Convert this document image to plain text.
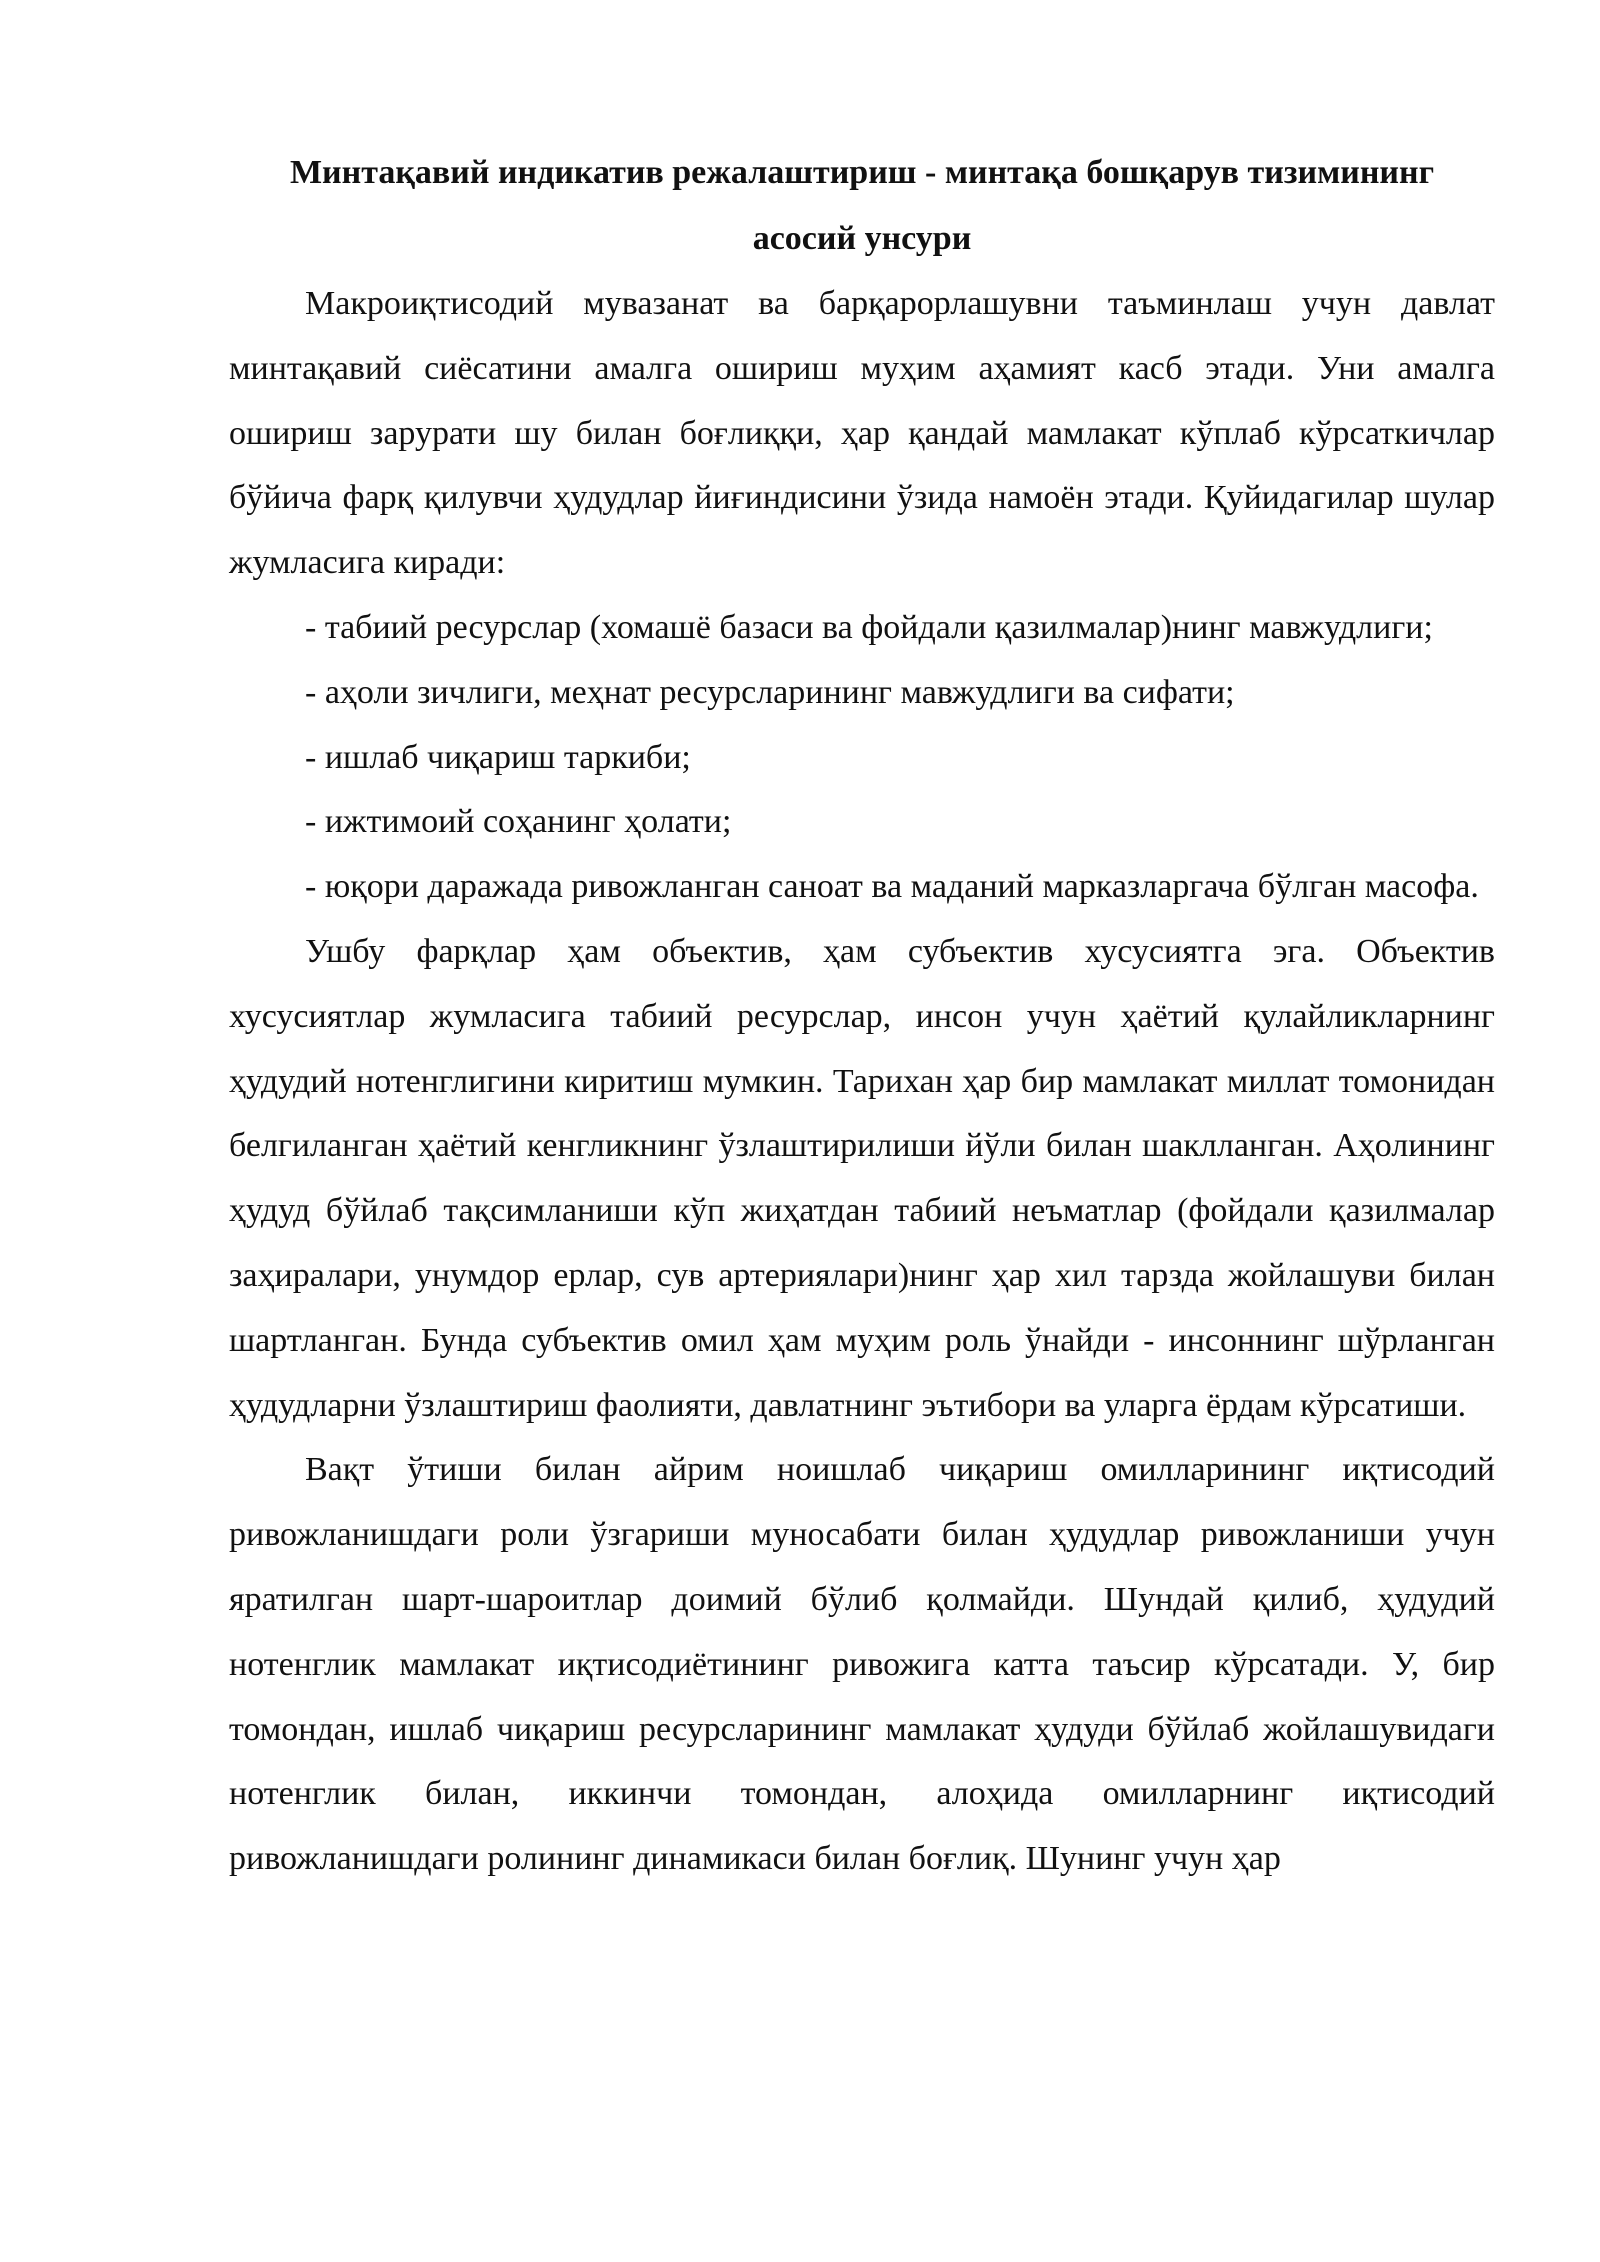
Минтақавий индикатив режалаштириш - минтақа бошқарув тизимининг

асосий унсури

Макроиқтисодий мувазанат ва барқарорлашувни таъминлаш учун давлат минтақавий сиёсатини амалга ошириш муҳим аҳамият касб этади. Уни амалга ошириш зарурати шу билан боғлиққи, ҳар қандай мамлакат кўплаб кўрсаткичлар бўйича фарқ қилувчи ҳудудлар йиғиндисини ўзида намоён этади. Қуйидагилар шулар жумласига киради:

- табиий ресурслар (хомашё базаси ва фойдали қазилмалар)нинг мавжудлиги;
- аҳоли зичлиги, меҳнат ресурсларининг мавжудлиги ва сифати;
- ишлаб чиқариш таркиби;
- ижтимоий соҳанинг ҳолати;
- юқори даражада ривожланган саноат ва маданий марказларгача бўлган масофа.

Ушбу фарқлар ҳам объектив, ҳам субъектив хусусиятга эга. Объектив хусусиятлар жумласига табиий ресурслар, инсон учун ҳаётий қулайликларнинг ҳудудий нотенглигини киритиш мумкин. Тарихан ҳар бир мамлакат миллат томонидан белгиланган ҳаётий кенгликнинг ўзлаштирилиши йўли билан шаклланган. Аҳолининг ҳудуд бўйлаб тақсимланиши кўп жиҳатдан табиий неъматлар (фойдали қазилмалар заҳиралари, унумдор ерлар, сув артериялари)нинг ҳар хил тарзда жойлашуви билан шартланган. Бунда субъектив омил ҳам муҳим роль ўнайди - инсоннинг шўрланган ҳудудларни ўзлаштириш фаолияти, давлатнинг эътибори ва уларга ёрдам кўрсатиши.

Вақт ўтиши билан айрим ноишлаб чиқариш омилларининг иқтисодий ривожланишдаги роли ўзгариши муносабати билан ҳудудлар ривожланиши учун яратилган шарт-шароитлар доимий бўлиб қолмайди. Шундай қилиб, ҳудудий нотенглик мамлакат иқтисодиётининг ривожига катта таъсир кўрсатади. У, бир томондан, ишлаб чиқариш ресурсларининг мамлакат ҳудуди бўйлаб жойлашувидаги нотенглик билан, иккинчи томондан, алоҳида омилларнинг иқтисодий ривожланишдаги ролининг динамикаси билан боғлиқ. Шунинг учун ҳар
